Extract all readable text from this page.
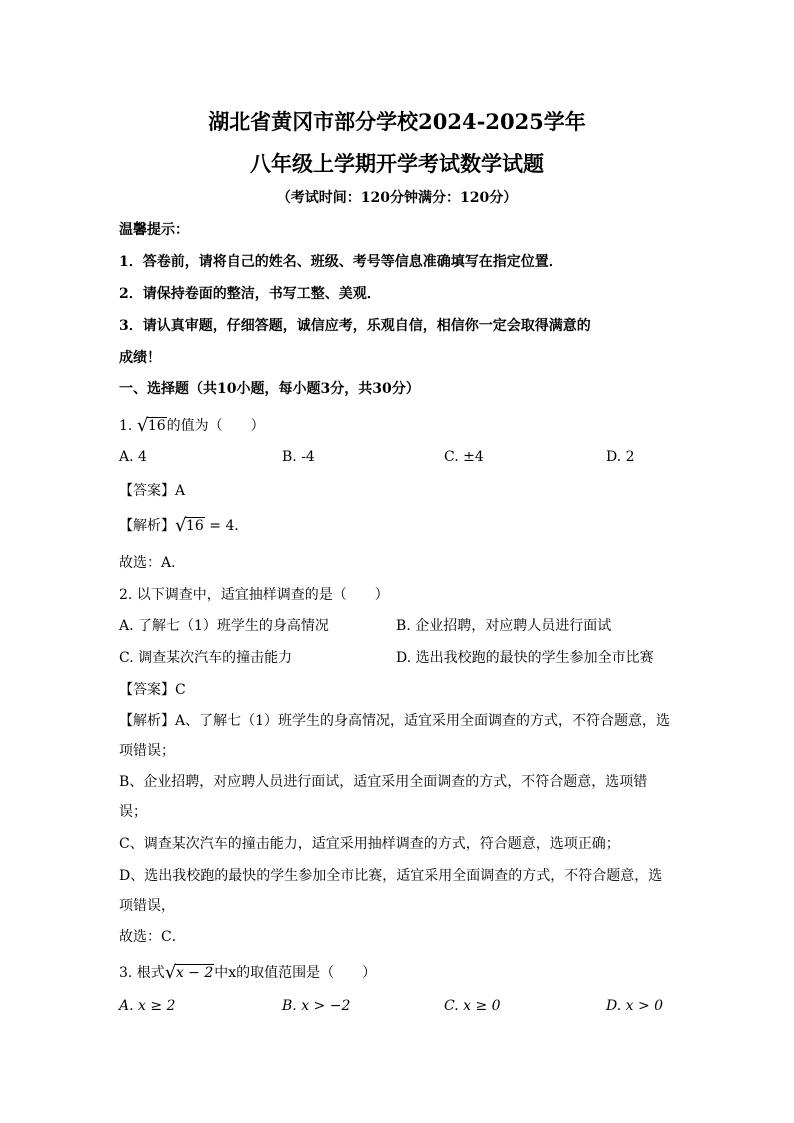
湖北省黄冈市部分学校2024-2025学年
八年级上学期开学考试数学试题
（考试时间：120分钟满分：120分）
温馨提示：
1．答卷前，请将自己的姓名、班级、考号等信息准确填写在指定位置．
2．请保持卷面的整洁，书写工整、美观．
3．请认真审题，仔细答题，诚信应考，乐观自信，相信你一定会取得满意的
成绩！
一、选择题（共10小题，每小题3分，共30分）
1. √ 16的值为（　　）
A. 4	B. -4	C. ±4	D. 2
【答案】A
【解析】 √ 16 = 4．
故选：A．
2. 以下调查中，适宜抽样调查的是（　　）
A. 了解七（1）班学生的身高情况	B. 企业招聘，对应聘人员进行面试
C. 调查某次汽车的撞击能力	D. 选出我校跑的最快的学生参加全市比赛
【答案】C
【解析】A、了解七（1）班学生的身高情况，适宜采用全面调查的方式，不符合题意，选
项错误；
B、企业招聘，对应聘人员进行面试，适宜采用全面调查的方式，不符合题意，选项错
误；
C、调查某次汽车的撞击能力，适宜采用抽样调查的方式，符合题意，选项正确；
D、选出我校跑的最快的学生参加全市比赛，适宜采用全面调查的方式，不符合题意，选
项错误，
故选：C．
3. 根式 √ x − 2中x的取值范围是（　　）
A. x ≥ 2	B. x > −2	C. x ≥ 0	D. x > 0
